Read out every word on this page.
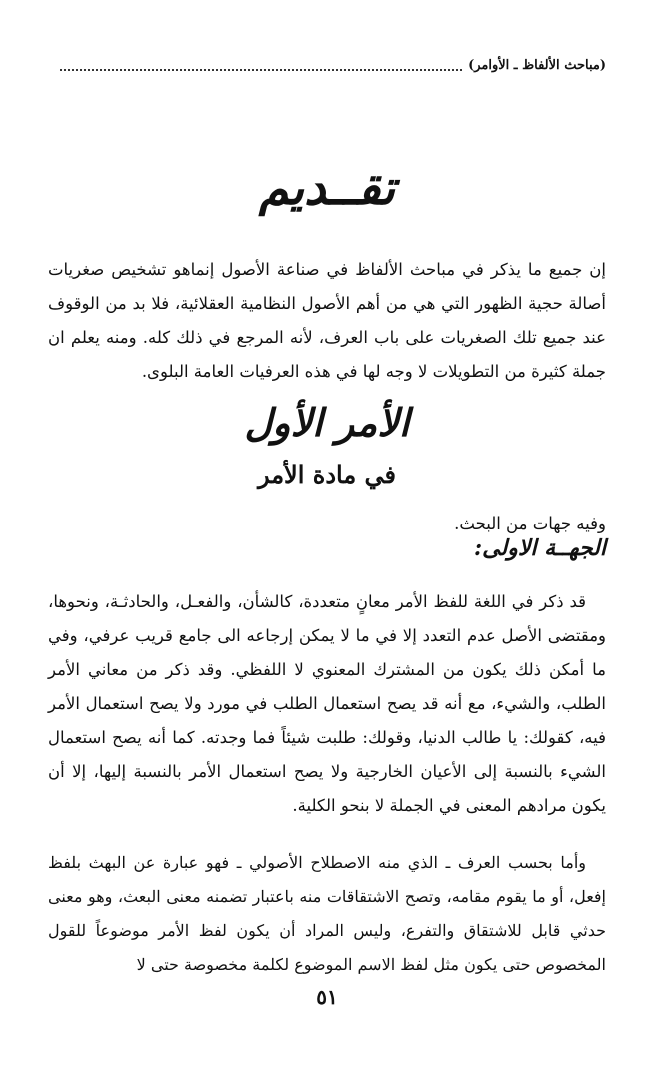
(مباحث الألفاظ ـ الأوامر)
تقــديم

إن جميع ما يذكر في مباحث الألفاظ في صناعة الأصول إنماهو تشخيص صغريات أصالة حجية الظهور التي هي من أهم الأصول النظامية العقلائية، فلا بد من الوقوف عند جميع تلك الصغريات على باب العرف، لأنه المرجع في ذلك كله. ومنه يعلم ان جملة كثيرة من التطويلات لا وجه لها في هذه العرفيات العامة البلوى.

الأمر الأول
في مادة الأمر

وفيه جهات من البحث.

الجهــة الاولى:

قد ذكر في اللغة للفظ الأمر معانٍ متعددة، كالشأن، والفعـل، والحادثـة، ونحوها، ومقتضى الأصل عدم التعدد إلا في ما لا يمكن إرجاعه الى جامع قريب عرفي، وفي ما أمكن ذلك يكون من المشترك المعنوي لا اللفظي. وقد ذكر من معاني الأمر الطلب، والشيء، مع أنه قد يصح استعمال الطلب في مورد ولا يصح استعمال الأمر فيه، كقولك: يا طالب الدنيا، وقولك: طلبت شيئاً فما وجدته. كما أنه يصح استعمال الشيء بالنسبة إلى الأعيان الخارجية ولا يصح استعمال الأمر بالنسبة إليها، إلا أن يكون مرادهم المعنى في الجملة لا بنحو الكلية.

وأما بحسب العرف ـ الذي منه الاصطلاح الأصولي ـ فهو عبارة عن البهث بلفظ إفعل، أو ما يقوم مقامه، وتصح الاشتقاقات منه باعتبار تضمنه معنى البعث، وهو معنى حدثي قابل للاشتقاق والتفرع، وليس المراد أن يكون لفظ الأمر موضوعاً للقول المخصوص حتى يكون مثل لفظ الاسم الموضوع لكلمة مخصوصة حتى لا

٥١
